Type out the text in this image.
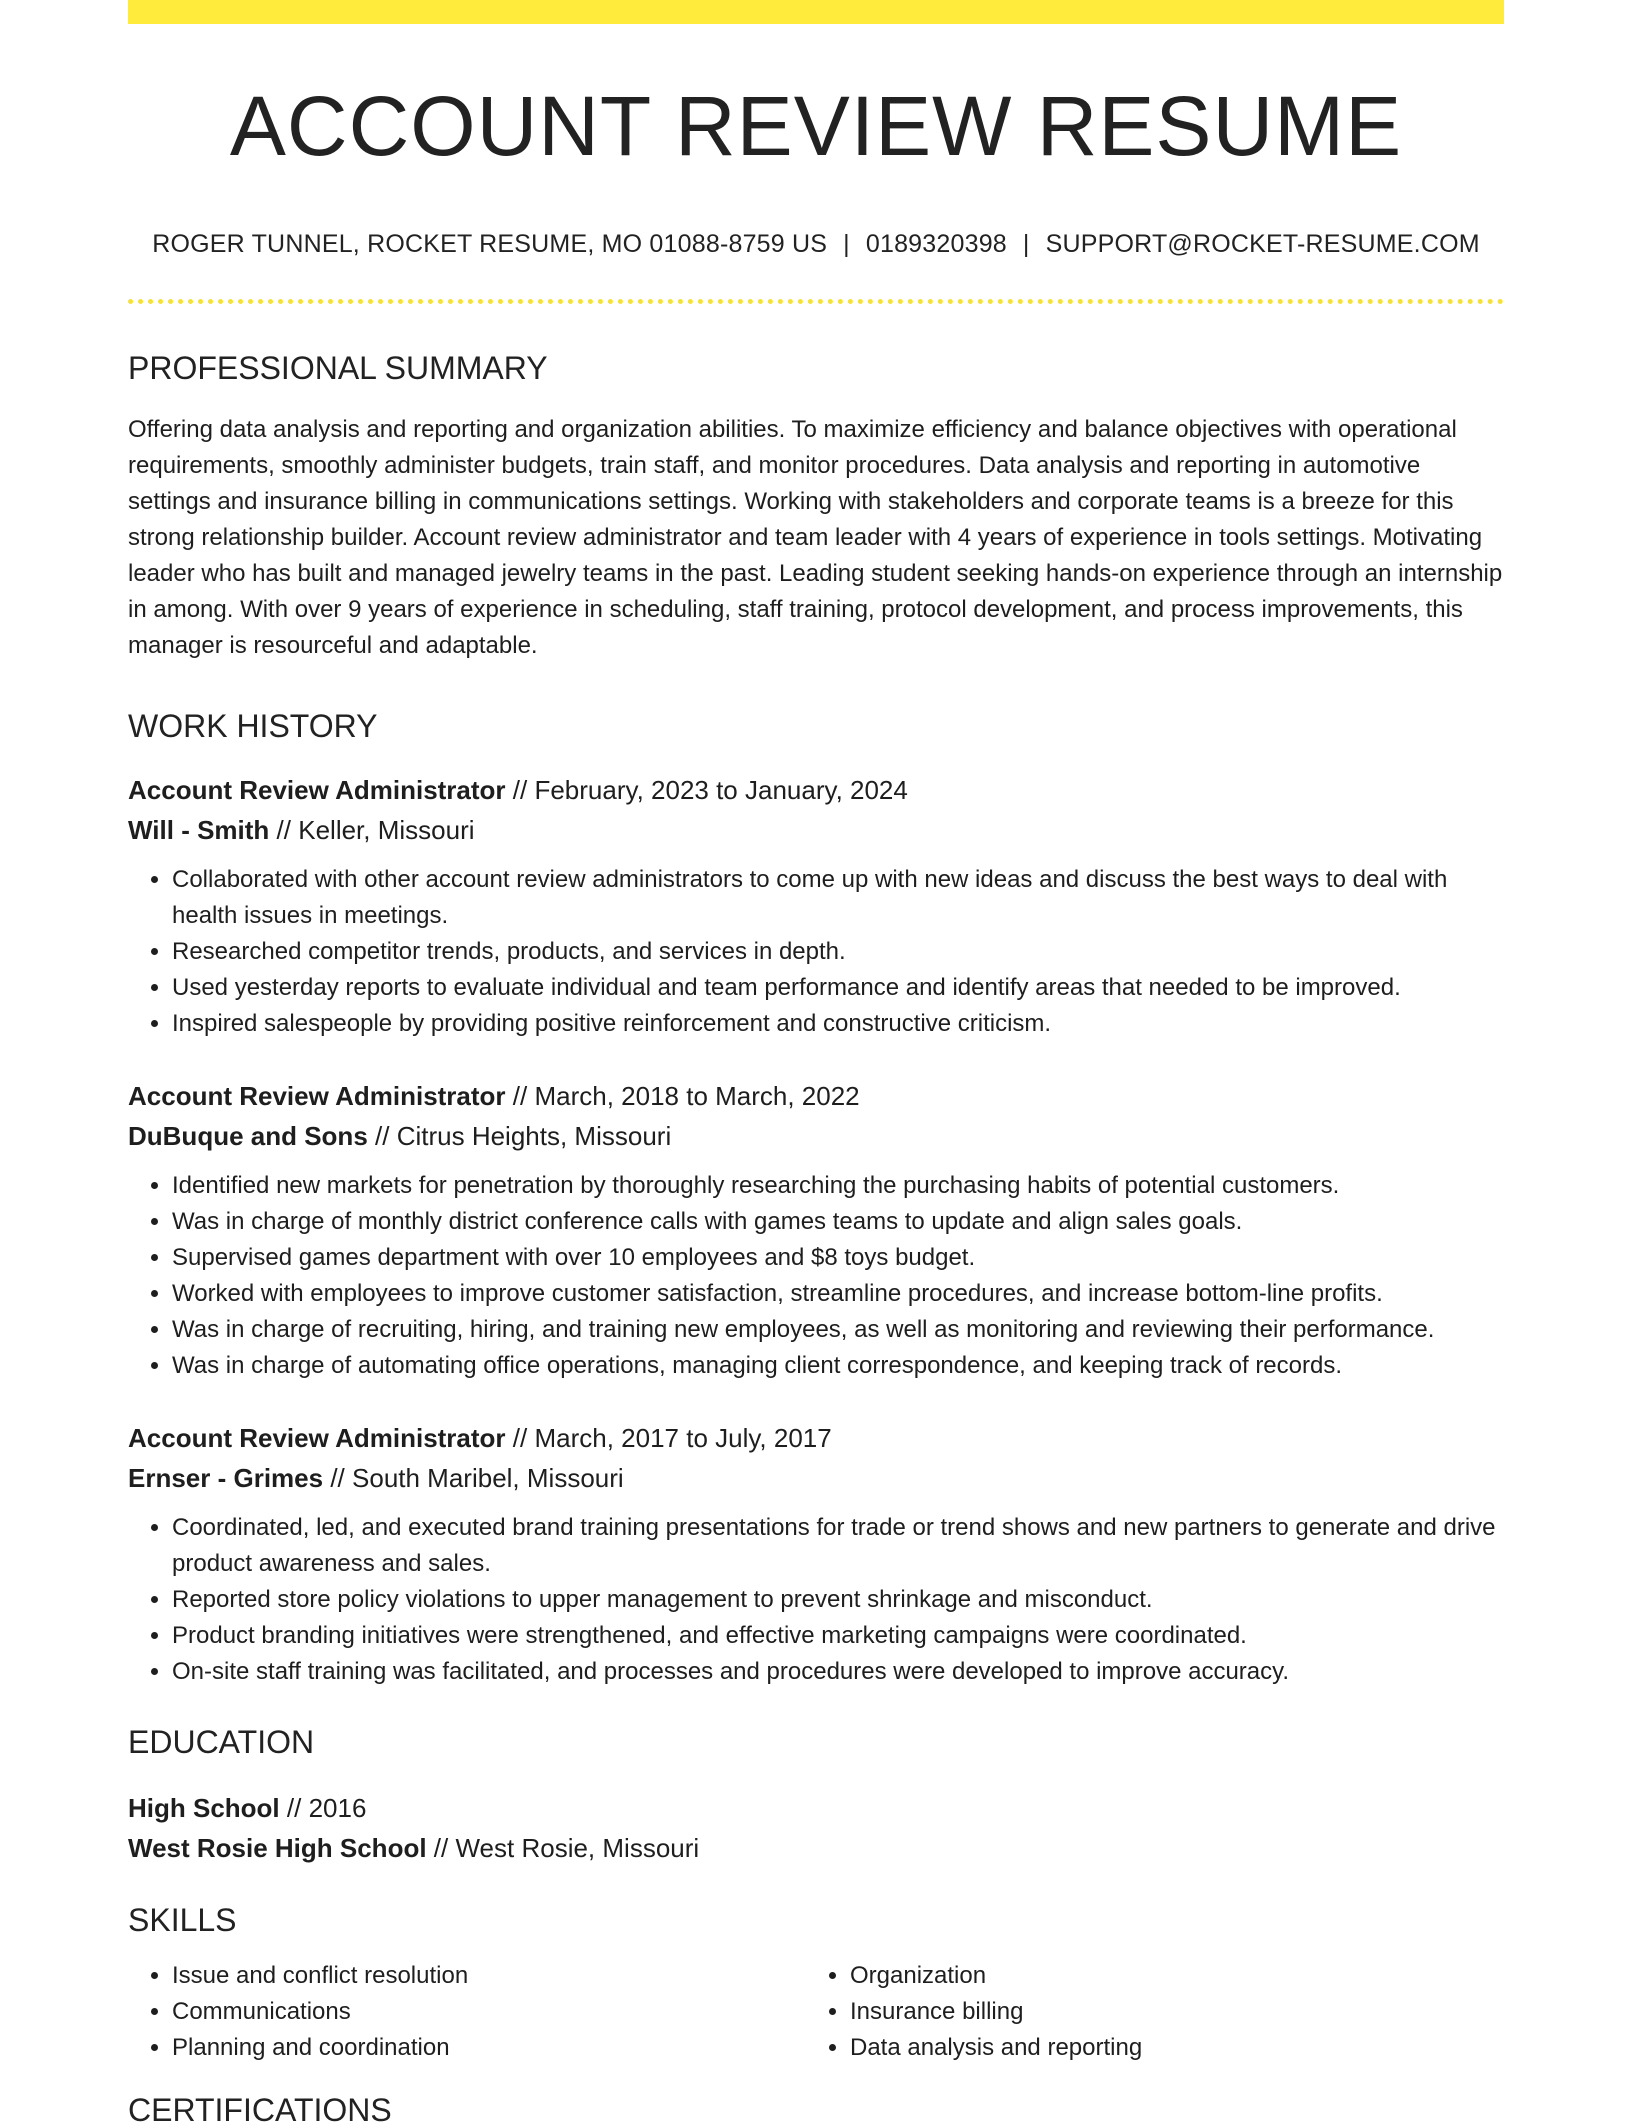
ACCOUNT REVIEW RESUME
ROGER TUNNEL, ROCKET RESUME, MO 01088-8759 US | 0189320398 | SUPPORT@ROCKET-RESUME.COM
PROFESSIONAL SUMMARY

Offering data analysis and reporting and organization abilities. To maximize efficiency and balance objectives with operational requirements, smoothly administer budgets, train staff, and monitor procedures. Data analysis and reporting in automotive settings and insurance billing in communications settings. Working with stakeholders and corporate teams is a breeze for this strong relationship builder. Account review administrator and team leader with 4 years of experience in tools settings. Motivating leader who has built and managed jewelry teams in the past. Leading student seeking hands-on experience through an internship in among. With over 9 years of experience in scheduling, staff training, protocol development, and process improvements, this manager is resourceful and adaptable.

WORK HISTORY
Account Review Administrator // February, 2023 to January, 2024
Will - Smith // Keller, Missouri
• Collaborated with other account review administrators to come up with new ideas and discuss the best ways to deal with health issues in meetings.
• Researched competitor trends, products, and services in depth.
• Used yesterday reports to evaluate individual and team performance and identify areas that needed to be improved.
• Inspired salespeople by providing positive reinforcement and constructive criticism.
Account Review Administrator // March, 2018 to March, 2022
DuBuque and Sons // Citrus Heights, Missouri
• Identified new markets for penetration by thoroughly researching the purchasing habits of potential customers.
• Was in charge of monthly district conference calls with games teams to update and align sales goals.
• Supervised games department with over 10 employees and $8 toys budget.
• Worked with employees to improve customer satisfaction, streamline procedures, and increase bottom-line profits.
• Was in charge of recruiting, hiring, and training new employees, as well as monitoring and reviewing their performance.
• Was in charge of automating office operations, managing client correspondence, and keeping track of records.
Account Review Administrator // March, 2017 to July, 2017
Ernser - Grimes // South Maribel, Missouri
• Coordinated, led, and executed brand training presentations for trade or trend shows and new partners to generate and drive product awareness and sales.
• Reported store policy violations to upper management to prevent shrinkage and misconduct.
• Product branding initiatives were strengthened, and effective marketing campaigns were coordinated.
• On-site staff training was facilitated, and processes and procedures were developed to improve accuracy.
EDUCATION
High School // 2016
West Rosie High School // West Rosie, Missouri
SKILLS
• Issue and conflict resolution
• Communications
• Planning and coordination
• Organization
• Insurance billing
• Data analysis and reporting
CERTIFICATIONS
